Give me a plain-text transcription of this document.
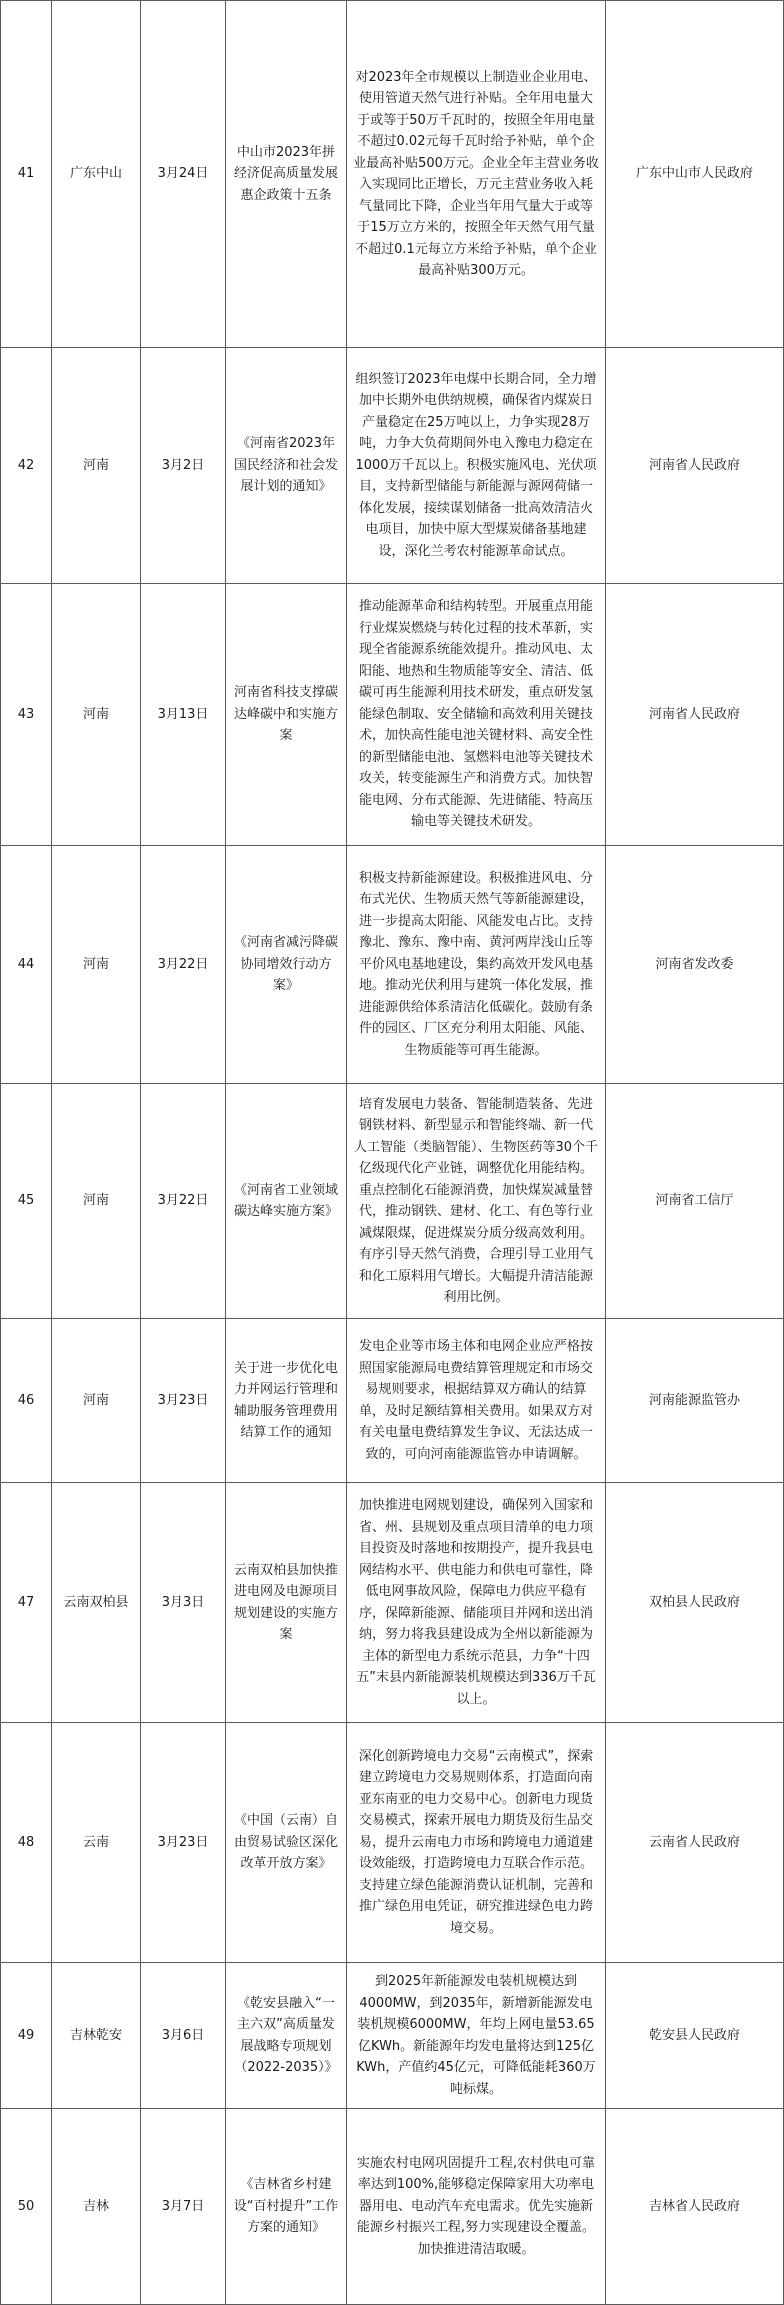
41	广东中山	3月24日	中山市2023年拼经济促高质量发展惠企政策十五条	对2023年全市规模以上制造业企业用电、使用管道天然气进行补贴。全年用电量大于或等于50万千瓦时的，按照全年用电量不超过0.02元每千瓦时给予补贴，单个企业最高补贴500万元。企业全年主营业务收入实现同比正增长，万元主营业务收入耗气量同比下降，企业当年用气量大于或等于15万立方米的，按照全年天然气用气量不超过0.1元每立方米给予补贴，单个企业最高补贴300万元。	广东中山市人民政府
42	河南	3月2日	《河南省2023年国民经济和社会发展计划的通知》	组织签订2023年电煤中长期合同，全力增加中长期外电供纳规模，确保省内煤炭日产量稳定在25万吨以上，力争实现28万吨，力争大负荷期间外电入豫电力稳定在1000万千瓦以上。积极实施风电、光伏项目，支持新型储能与新能源与源网荷储一体化发展，接续谋划储备一批高效清洁火电项目，加快中原大型煤炭储备基地建设，深化兰考农村能源革命试点。	河南省人民政府
43	河南	3月13日	河南省科技支撑碳达峰碳中和实施方案	推动能源革命和结构转型。开展重点用能行业煤炭燃烧与转化过程的技术革新，实现全省能源系统能效提升。推动风电、太阳能、地热和生物质能等安全、清洁、低碳可再生能源利用技术研发，重点研发氢能绿色制取、安全储输和高效利用关键技术，加快高性能电池关键材料、高安全性的新型储能电池、氢燃料电池等关键技术攻关，转变能源生产和消费方式。加快智能电网、分布式能源、先进储能、特高压输电等关键技术研发。	河南省人民政府
44	河南	3月22日	《河南省减污降碳协同增效行动方案》	积极支持新能源建设。积极推进风电、分布式光伏、生物质天然气等新能源建设，进一步提高太阳能、风能发电占比。支持豫北、豫东、豫中南、黄河两岸浅山丘等平价风电基地建设，集约高效开发风电基地。推动光伏利用与建筑一体化发展，推进能源供给体系清洁化低碳化。鼓励有条件的园区、厂区充分利用太阳能、风能、生物质能等可再生能源。	河南省发改委
45	河南	3月22日	《河南省工业领域碳达峰实施方案》	培育发展电力装备、智能制造装备、先进钢铁材料、新型显示和智能终端、新一代人工智能（类脑智能）、生物医药等30个千亿级现代化产业链，调整优化用能结构。重点控制化石能源消费，加快煤炭减量替代，推动钢铁、建材、化工、有色等行业减煤限煤，促进煤炭分质分级高效利用。有序引导天然气消费，合理引导工业用气和化工原料用气增长。大幅提升清洁能源利用比例。	河南省工信厅
46	河南	3月23日	关于进一步优化电力并网运行管理和辅助服务管理费用结算工作的通知	发电企业等市场主体和电网企业应严格按照国家能源局电费结算管理规定和市场交易规则要求，根据结算双方确认的结算单，及时足额结算相关费用。如果双方对有关电量电费结算发生争议、无法达成一致的，可向河南能源监管办申请调解。	河南能源监管办
47	云南双柏县	3月3日	云南双柏县加快推进电网及电源项目规划建设的实施方案	加快推进电网规划建设，确保列入国家和省、州、县规划及重点项目清单的电力项目投资及时落地和按期投产，提升我县电网结构水平、供电能力和供电可靠性，降低电网事故风险，保障电力供应平稳有序，保障新能源、储能项目并网和送出消纳，努力将我县建设成为全州以新能源为主体的新型电力系统示范县，力争“十四五”末县内新能源装机规模达到336万千瓦以上。	双柏县人民政府
48	云南	3月23日	《中国（云南）自由贸易试验区深化改革开放方案》	深化创新跨境电力交易“云南模式”，探索建立跨境电力交易规则体系，打造面向南亚东南亚的电力交易中心。创新电力现货交易模式，探索开展电力期货及衍生品交易，提升云南电力市场和跨境电力通道建设效能级，打造跨境电力互联合作示范。支持建立绿色能源消费认证机制，完善和推广绿色用电凭证，研究推进绿色电力跨境交易。	云南省人民政府
49	吉林乾安	3月6日	《乾安县融入“一主六双”高质量发展战略专项规划（2022-2035）》	到2025年新能源发电装机规模达到4000MW，到2035年，新增新能源发电装机规模6000MW，年均上网电量53.65亿KWh。新能源年均发电量将达到125亿KWh，产值约45亿元，可降低能耗360万吨标煤。	乾安县人民政府
50	吉林	3月7日	《吉林省乡村建设“百村提升”工作方案的通知》	实施农村电网巩固提升工程,农村供电可靠率达到100%,能够稳定保障家用大功率电器用电、电动汽车充电需求。优先实施新能源乡村振兴工程,努力实现建设全覆盖。加快推进清洁取暖。	吉林省人民政府
